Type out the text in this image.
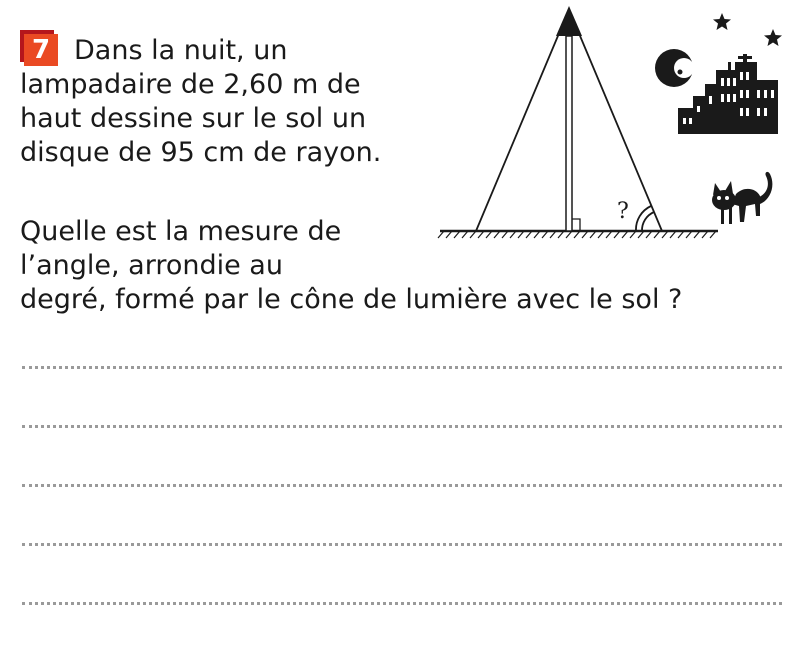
7 Dans la nuit, un lampadaire de 2,60 m de haut dessine sur le sol un disque de 95 cm de rayon.

Quelle est la mesure de
l’angle, arrondie au
degré, formé par le cône de lumière avec le sol ?

?
